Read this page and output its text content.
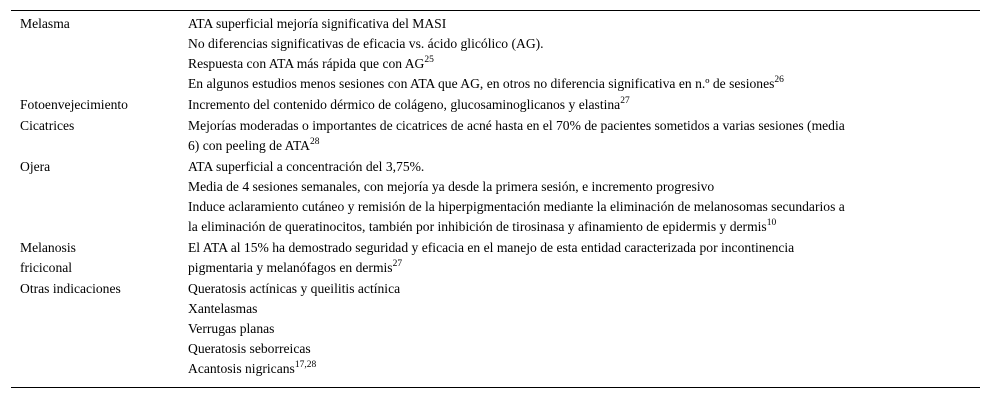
Melasma	ATA superficial mejoría significativa del MASI
No diferencias significativas de eficacia vs. ácido glicólico (AG).
Respuesta con ATA más rápida que con AG$^{25}$
En algunos estudios menos sesiones con ATA que AG, en otros no diferencia significativa en n.º de sesiones$^{26}$

Fotoenvejecimiento	Incremento del contenido dérmico de colágeno, glucosaminoglicanos y elastina$^{27}$

Cicatrices	Mejorías moderadas o importantes de cicatrices de acné hasta en el 70% de pacientes sometidos a varias sesiones (media
6) con peeling de ATA$^{28}$

Ojera	ATA superficial a concentración del 3,75%.
Media de 4 sesiones semanales, con mejoría ya desde la primera sesión, e incremento progresivo
Induce aclaramiento cutáneo y remisión de la hiperpigmentación mediante la eliminación de melanosomas secundarios a
la eliminación de queratinocitos, también por inhibición de tirosinasa y afinamiento de epidermis y dermis$^{10}$

Melanosis
friciconal	El ATA al 15% ha demostrado seguridad y eficacia en el manejo de esta entidad caracterizada por incontinencia
pigmentaria y melanófagos en dermis$^{27}$

Otras indicaciones	Queratosis actínicas y queilitis actínica
Xantelasmas
Verrugas planas
Queratosis seborreicas
Acantosis nigricans$^{17,28}$
